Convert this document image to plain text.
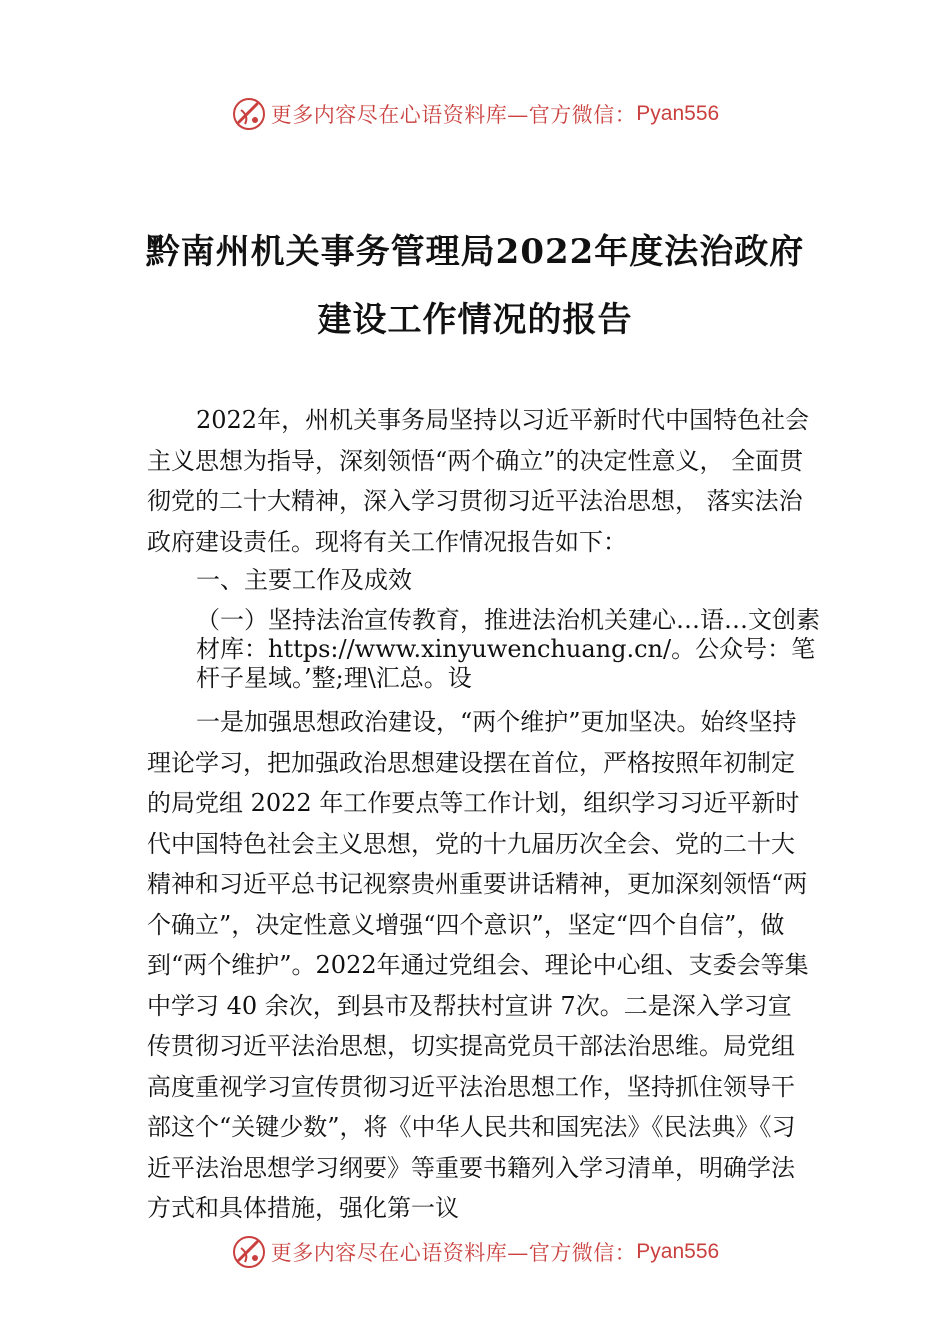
更多内容尽在心语资料库—官方微信： Pyan556
黔南州机关事务管理局2022年度法治政府
建设工作情况的报告
2022年，州机关事务局坚持以习近平新时代中国特色社会主义思想为指导，深刻领悟“两个确立”的决定性意义， 全面贯彻党的二十大精神，深入学习贯彻习近平法治思想， 落实法治政府建设责任。现将有关工作情况报告如下：
一、主要工作及成效
（一）坚持法治宣传教育，推进法治机关建心…语…文创素材库：https://www.xinyuwenchuang.cn/。公众号：笔杆子星域。’整;理\汇总。设
一是加强思想政治建设，“两个维护”更加坚决。始终坚持理论学习，把加强政治思想建设摆在首位，严格按照年初制定的局党组 2022 年工作要点等工作计划，组织学习习近平新时代中国特色社会主义思想，党的十九届历次全会、党的二十大精神和习近平总书记视察贵州重要讲话精神，更加深刻领悟“两个确立”，决定性意义增强“四个意识”，坚定“四个自信”，做到“两个维护”。2022年通过党组会、理论中心组、支委会等集中学习 40 余次，到县市及帮扶村宣讲 7次。二是深入学习宣传贯彻习近平法治思想，切实提高党员干部法治思维。局党组高度重视学习宣传贯彻习近平法治思想工作，坚持抓住领导干部这个“关键少数”，将《中华人民共和国宪法》《民法典》《习近平法治思想学习纲要》等重要书籍列入学习清单，明确学法方式和具体措施，强化第一议
更多内容尽在心语资料库—官方微信： Pyan556
